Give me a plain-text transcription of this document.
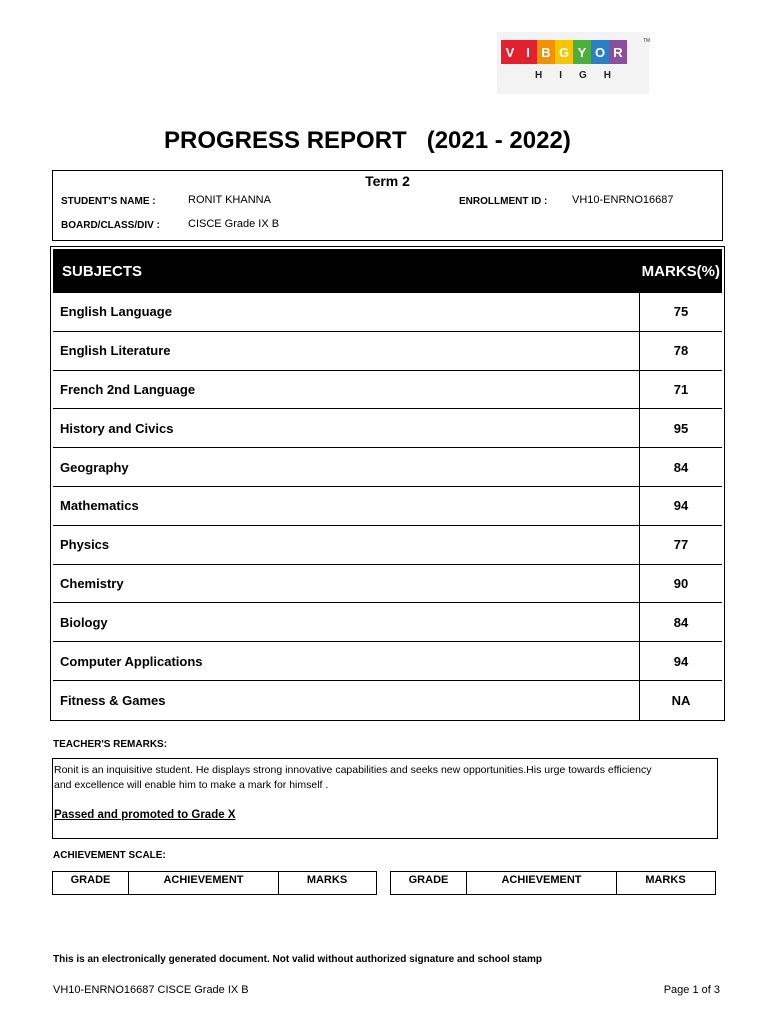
V I B G Y O R
TM
HIGH
PROGRESS REPORT   (2021 - 2022)
Term 2
STUDENT'S NAME :	RONIT KHANNA
BOARD/CLASS/DIV :	CISCE Grade IX B
ENROLLMENT ID : VH10-ENRNO16687
SUBJECTS	MARKS(%)
English Language	75
English Literature	78
French 2nd Language	71
History and Civics	95
Geography	84
Mathematics	94
Physics	77
Chemistry	90
Biology	84
Computer Applications	94
Fitness & Games	NA
TEACHER'S REMARKS:
Ronit is an inquisitive student. He displays strong innovative capabilities and seeks new opportunities.His urge towards efficiency and excellence will enable him to make a mark for himself .
Passed and promoted to Grade X
ACHIEVEMENT SCALE:
GRADE	ACHIEVEMENT	MARKS	GRADE	ACHIEVEMENT	MARKS
This is an electronically generated document. Not valid without authorized signature and school stamp
VH10-ENRNO16687 CISCE Grade IX B	Page 1 of 3
